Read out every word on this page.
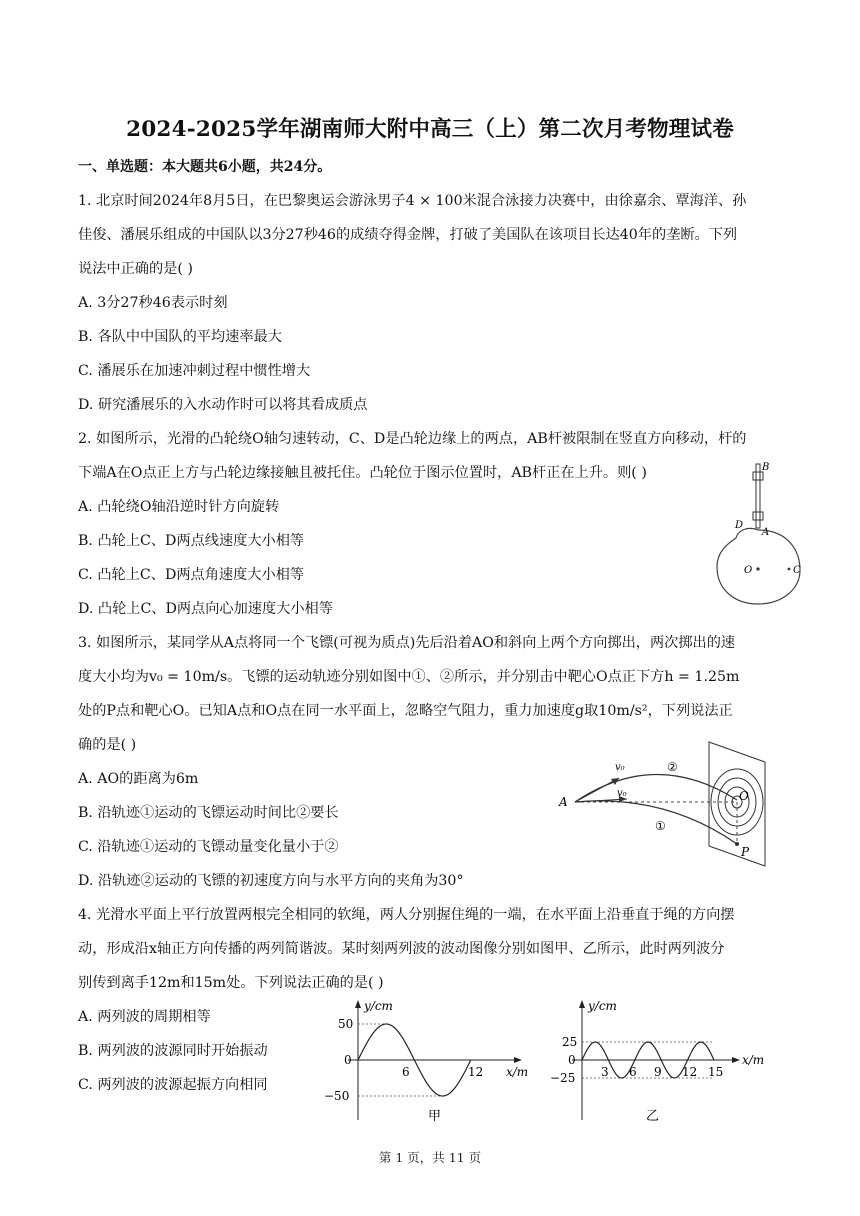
2024-2025学年湖南师大附中高三（上）第二次月考物理试卷
一、单选题：本大题共6小题，共24分。
1. 北京时间2024年8月5日，在巴黎奥运会游泳男子4 × 100米混合泳接力决赛中，由徐嘉余、覃海洋、孙
佳俊、潘展乐组成的中国队以3分27秒46的成绩夺得金牌，打破了美国队在该项目长达40年的垄断。下列
说法中正确的是( )
A. 3分27秒46表示时刻
B. 各队中中国队的平均速率最大
C. 潘展乐在加速冲刺过程中惯性增大
D. 研究潘展乐的入水动作时可以将其看成质点
2. 如图所示，光滑的凸轮绕O轴匀速转动，C、D是凸轮边缘上的两点，AB杆被限制在竖直方向移动，杆的
下端A在O点正上方与凸轮边缘接触且被托住。凸轮位于图示位置时，AB杆正在上升。则( )
A. 凸轮绕O轴沿逆时针方向旋转
B. 凸轮上C、D两点线速度大小相等
C. 凸轮上C、D两点角速度大小相等
D. 凸轮上C、D两点向心加速度大小相等
B
A
D
O	C
3. 如图所示，某同学从A点将同一个飞镖(可视为质点)先后沿着AO和斜向上两个方向掷出，两次掷出的速
度大小均为v₀ = 10m/s。飞镖的运动轨迹分别如图中①、②所示，并分别击中靶心O点正下方h = 1.25m
处的P点和靶心O。已知A点和O点在同一水平面上，忽略空气阻力，重力加速度g取10m/s²，下列说法正
确的是( )
A. AO的距离为6m
B. 沿轨迹①运动的飞镖运动时间比②要长
C. 沿轨迹①运动的飞镖动量变化量小于②
D. 沿轨迹②运动的飞镖的初速度方向与水平方向的夹角为30°
A
v₀
v₀
②
①
O
P
4. 光滑水平面上平行放置两根完全相同的软绳，两人分别握住绳的一端，在水平面上沿垂直于绳的方向摆
动，形成沿x轴正方向传播的两列简谐波。某时刻两列波的波动图像分别如图甲、乙所示，此时两列波分
别传到离手12m和15m处。下列说法正确的是( )
A. 两列波的周期相等
B. 两列波的波源同时开始振动
C. 两列波的波源起振方向相同
y/cm
x/m
50
0
−50
6	12
甲
y/cm
x/m
25
0
−25 3 6 9 12 15
乙
第 1 页，共 11 页
